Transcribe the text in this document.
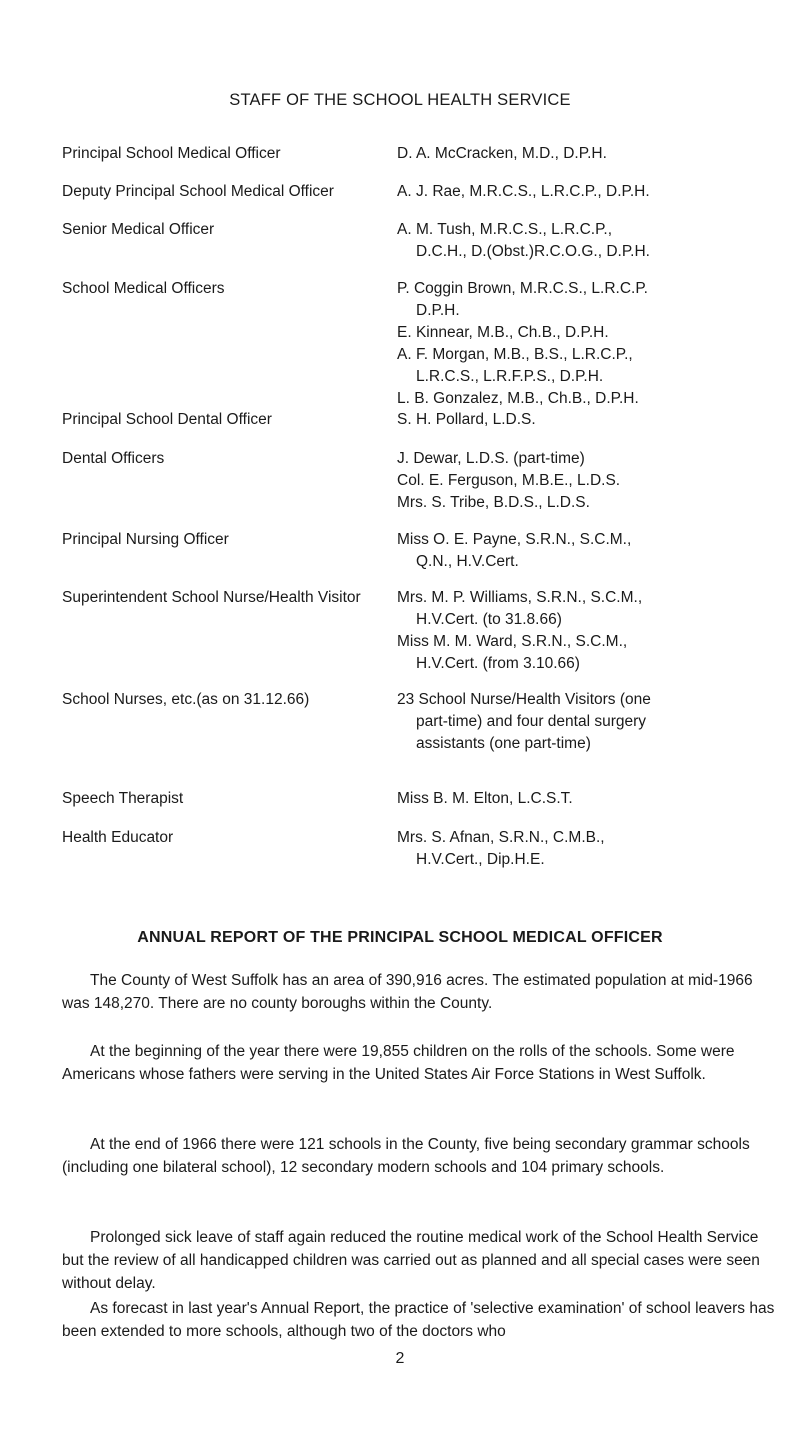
STAFF OF THE SCHOOL HEALTH SERVICE
Principal School Medical Officer	D. A. McCracken, M.D., D.P.H.
Deputy Principal School Medical Officer	A. J. Rae, M.R.C.S., L.R.C.P., D.P.H.
Senior Medical Officer	A. M. Tush, M.R.C.S., L.R.C.P.,
D.C.H., D.(Obst.)R.C.O.G., D.P.H.
School Medical Officers	P. Coggin Brown, M.R.C.S., L.R.C.P.
D.P.H.
E. Kinnear, M.B., Ch.B., D.P.H.
A. F. Morgan, M.B., B.S., L.R.C.P.,
L.R.C.S., L.R.F.P.S., D.P.H.
L. B. Gonzalez, M.B., Ch.B., D.P.H.
Principal School Dental Officer	S. H. Pollard, L.D.S.
Dental Officers	J. Dewar, L.D.S. (part-time)
Col. E. Ferguson, M.B.E., L.D.S.
Mrs. S. Tribe, B.D.S., L.D.S.
Principal Nursing Officer	Miss O. E. Payne, S.R.N., S.C.M.,
Q.N., H.V.Cert.
Superintendent School Nurse/Health Visitor	Mrs. M. P. Williams, S.R.N., S.C.M.,
H.V.Cert. (to 31.8.66)
Miss M. M. Ward, S.R.N., S.C.M.,
H.V.Cert. (from 3.10.66)
School Nurses, etc.(as on 31.12.66)	23 School Nurse/Health Visitors (one
part-time) and four dental surgery
assistants (one part-time)
Speech Therapist	Miss B. M. Elton, L.C.S.T.
Health Educator	Mrs. S. Afnan, S.R.N., C.M.B.,
H.V.Cert., Dip.H.E.
ANNUAL REPORT OF THE PRINCIPAL SCHOOL MEDICAL OFFICER
The County of West Suffolk has an area of 390,916 acres. The estimated population at mid-1966 was 148,270. There are no county boroughs within the County.
At the beginning of the year there were 19,855 children on the rolls of the schools. Some were Americans whose fathers were serving in the United States Air Force Stations in West Suffolk.
At the end of 1966 there were 121 schools in the County, five being secondary grammar schools (including one bilateral school), 12 secondary modern schools and 104 primary schools.
Prolonged sick leave of staff again reduced the routine medical work of the School Health Service but the review of all handicapped children was carried out as planned and all special cases were seen without delay.
As forecast in last year's Annual Report, the practice of 'selective examination' of school leavers has been extended to more schools, although two of the doctors who
2
